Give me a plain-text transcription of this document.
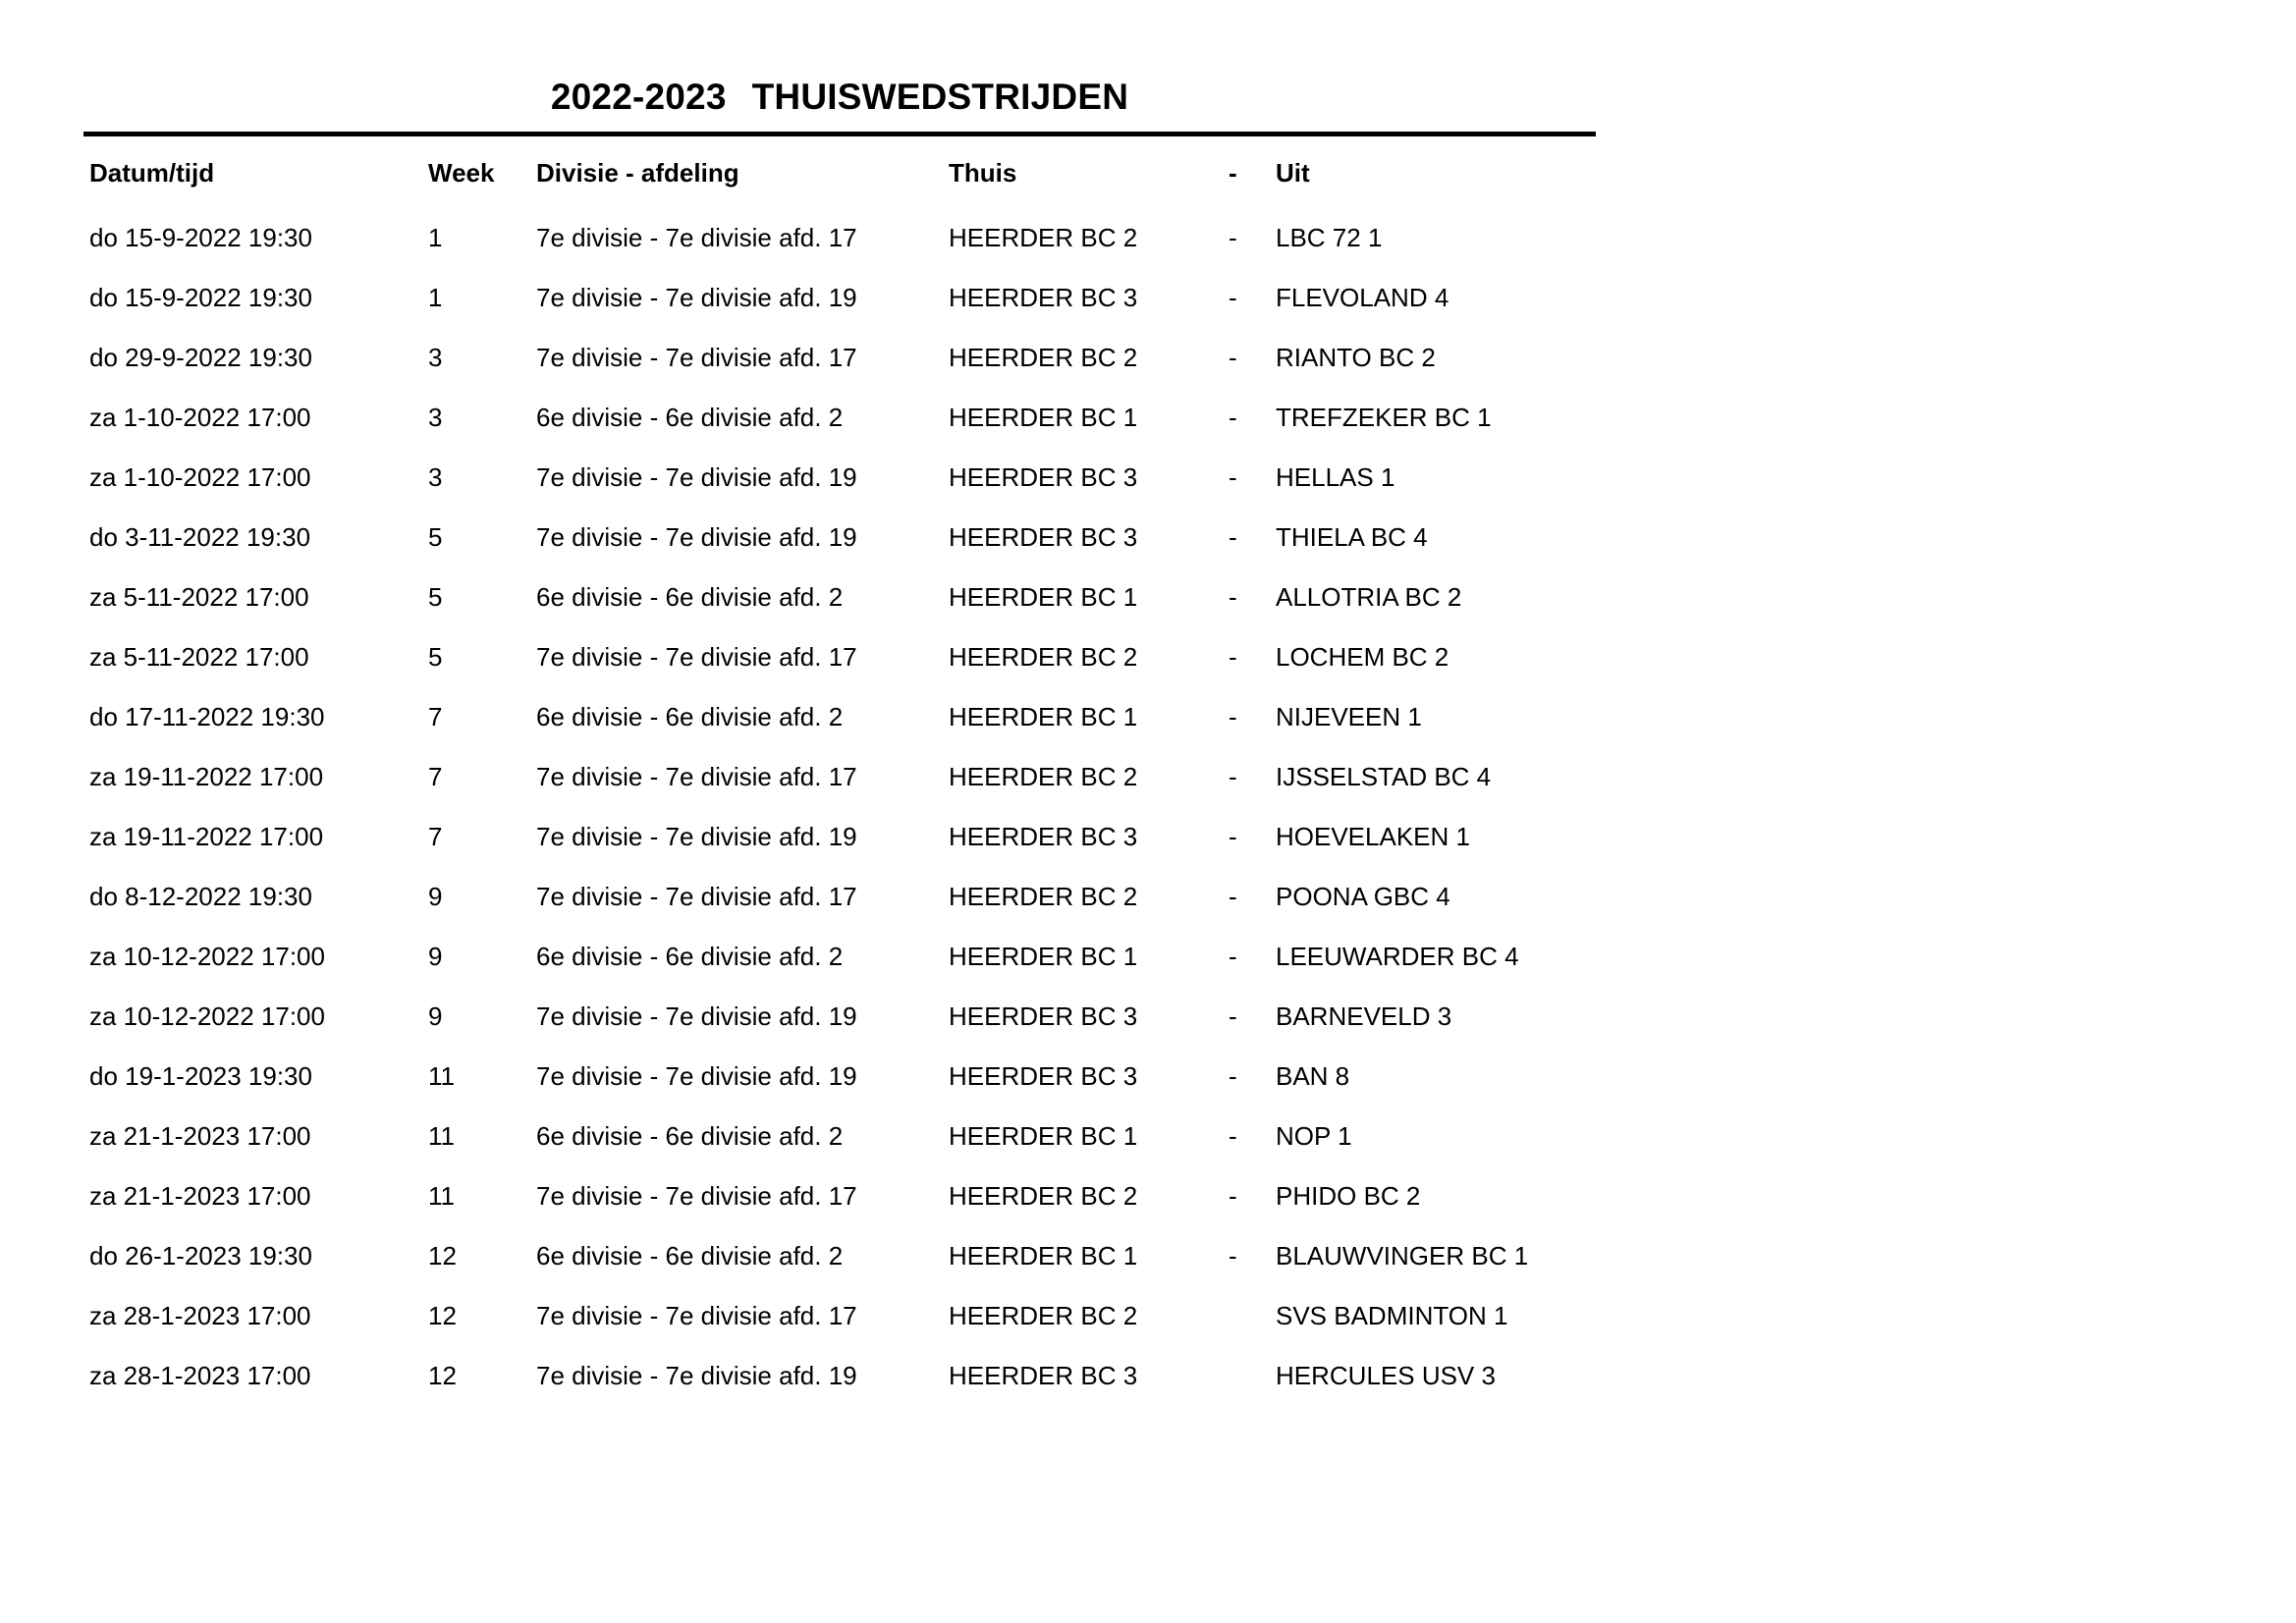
2022-2023 THUISWEDSTRIJDEN
Datum/tijd	Week	Divisie - afdeling	Thuis	-	Uit
do 15-9-2022 19:30	1	7e divisie - 7e divisie afd. 17	HEERDER BC 2	-	LBC 72 1
do 15-9-2022 19:30	1	7e divisie - 7e divisie afd. 19	HEERDER BC 3	-	FLEVOLAND 4
do 29-9-2022 19:30	3	7e divisie - 7e divisie afd. 17	HEERDER BC 2	-	RIANTO BC 2
za 1-10-2022 17:00	3	6e divisie - 6e divisie afd. 2	HEERDER BC 1	-	TREFZEKER BC 1
za 1-10-2022 17:00	3	7e divisie - 7e divisie afd. 19	HEERDER BC 3	-	HELLAS 1
do 3-11-2022 19:30	5	7e divisie - 7e divisie afd. 19	HEERDER BC 3	-	THIELA BC 4
za 5-11-2022 17:00	5	6e divisie - 6e divisie afd. 2	HEERDER BC 1	-	ALLOTRIA BC 2
za 5-11-2022 17:00	5	7e divisie - 7e divisie afd. 17	HEERDER BC 2	-	LOCHEM BC 2
do 17-11-2022 19:30	7	6e divisie - 6e divisie afd. 2	HEERDER BC 1	-	NIJEVEEN 1
za 19-11-2022 17:00	7	7e divisie - 7e divisie afd. 17	HEERDER BC 2	-	IJSSELSTAD BC 4
za 19-11-2022 17:00	7	7e divisie - 7e divisie afd. 19	HEERDER BC 3	-	HOEVELAKEN 1
do 8-12-2022 19:30	9	7e divisie - 7e divisie afd. 17	HEERDER BC 2	-	POONA GBC 4
za 10-12-2022 17:00	9	6e divisie - 6e divisie afd. 2	HEERDER BC 1	-	LEEUWARDER BC 4
za 10-12-2022 17:00	9	7e divisie - 7e divisie afd. 19	HEERDER BC 3	-	BARNEVELD 3
do 19-1-2023 19:30	11	7e divisie - 7e divisie afd. 19	HEERDER BC 3	-	BAN 8
za 21-1-2023 17:00	11	6e divisie - 6e divisie afd. 2	HEERDER BC 1	-	NOP 1
za 21-1-2023 17:00	11	7e divisie - 7e divisie afd. 17	HEERDER BC 2	-	PHIDO BC 2
do 26-1-2023 19:30	12	6e divisie - 6e divisie afd. 2	HEERDER BC 1	-	BLAUWVINGER BC 1
za 28-1-2023 17:00	12	7e divisie - 7e divisie afd. 17	HEERDER BC 2		SVS BADMINTON 1
za 28-1-2023 17:00	12	7e divisie - 7e divisie afd. 19	HEERDER BC 3		HERCULES USV 3
